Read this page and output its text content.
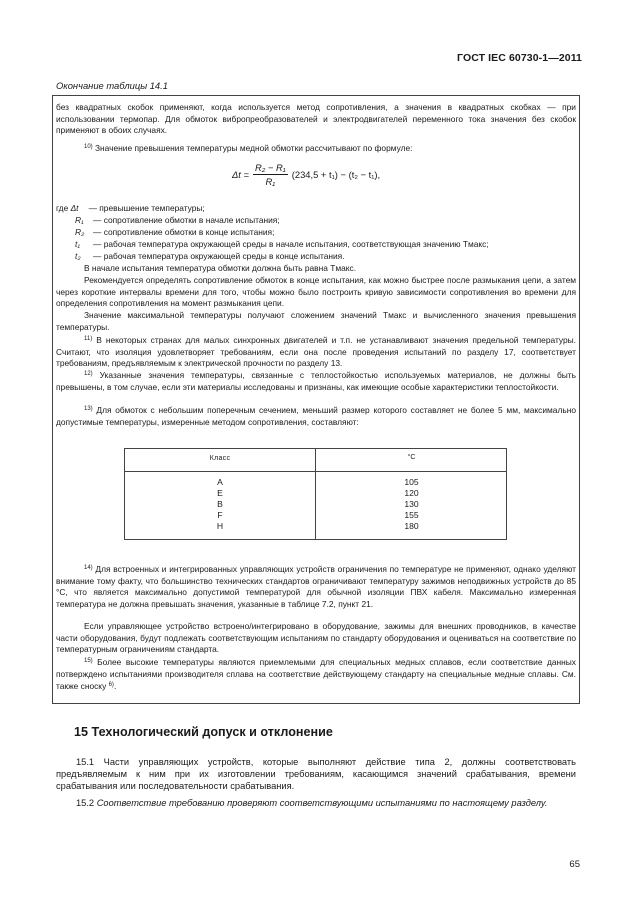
ГОСТ IEC 60730-1—2011
Окончание таблицы 14.1

без квадратных скобок применяют, когда используется метод сопротивления, а значения в квадратных скобках — при использовании термопар. Для обмоток вибропреобразователей и электродвигателей переменного тока значения без скобок применяют в обоих случаях.

$^{10)}$ Значение превышения температуры медной обмотки рассчитывают по формуле:

$\Delta t = \frac{\text{R₂ − R₁}}{\text{R₁}} (234,5 + t_1) - (t_2 - t_1)$,
где Δt — превышение температуры;
R₁ — сопротивление обмотки в начале испытания;
R₂ — сопротивление обмотки в конце испытания;
t₁ — рабочая температура окружающей среды в начале испытания, соответствующая значению Tмакс;
t₂ — рабочая температура окружающей среды в конце испытания.

В начале испытания температура обмотки должна быть равна Tмакс.

Рекомендуется определять сопротивление обмоток в конце испытания, как можно быстрее после размыкания цепи, а затем через короткие интервалы времени для того, чтобы можно было построить кривую зависимости сопротивления во времени для определения сопротивления на момент размыкания цепи.

Значение максимальной температуры получают сложением значений Tмакс и вычисленного значения превышения температуры.

$^{11)}$ В некоторых странах для малых синхронных двигателей и т.п. не устанавливают значения предельной температуры. Считают, что изоляция удовлетворяет требованиям, если она после проведения испытаний по разделу 17, соответствует требованиям, предъявляемым к электрической прочности по разделу 13.

$^{12)}$ Указанные значения температуры, связанные с теплостойкостью используемых материалов, не должны быть превышены, в том случае, если эти материалы исследованы и признаны, как имеющие особые характеристики теплостойкости.

$^{13)}$ Для обмоток с небольшим поперечным сечением, меньший размер которого составляет не более 5 мм, максимально допустимые температуры, измеренные методом сопротивления, составляют:

Класс	°С
A
E
B
F
H
105
120
130
155
180

$^{14)}$ Для встроенных и интегрированных управляющих устройств ограничения по температуре не применяют, однако уделяют внимание тому факту, что большинство технических стандартов ограничивают температуру зажимов неподвижных устройств до 85 °С, что является максимально допустимой температурой для обычной изоляции ПВХ кабеля. Максимально измеренная температура не должна превышать значения, указанные в таблице 7.2, пункт 21.

Если управляющее устройство встроено/интегрировано в оборудование, зажимы для внешних проводников, в качестве части оборудования, будут подлежать соответствующим испытаниям по стандарту оборудования и оцениваться на соответствие по температурным ограничениям стандарта.

$^{15)}$ Более высокие температуры являются приемлемыми для специальных медных сплавов, если соответствие данных потверждено испытаниями производителя сплава на соответствие действующему стандарту на специальные медные сплавы. См. также сноску $^{6)}$.

15 Технологический допуск и отклонение

15.1 Части управляющих устройств, которые выполняют действие типа 2, должны соответствовать предъявляемым к ним при их изготовлении требованиям, касающимся значений срабатывания, времени срабатывания или последовательности срабатывания.

15.2 Соответствие требованию проверяют соответствующими испытаниями по настоящему разделу.

65
